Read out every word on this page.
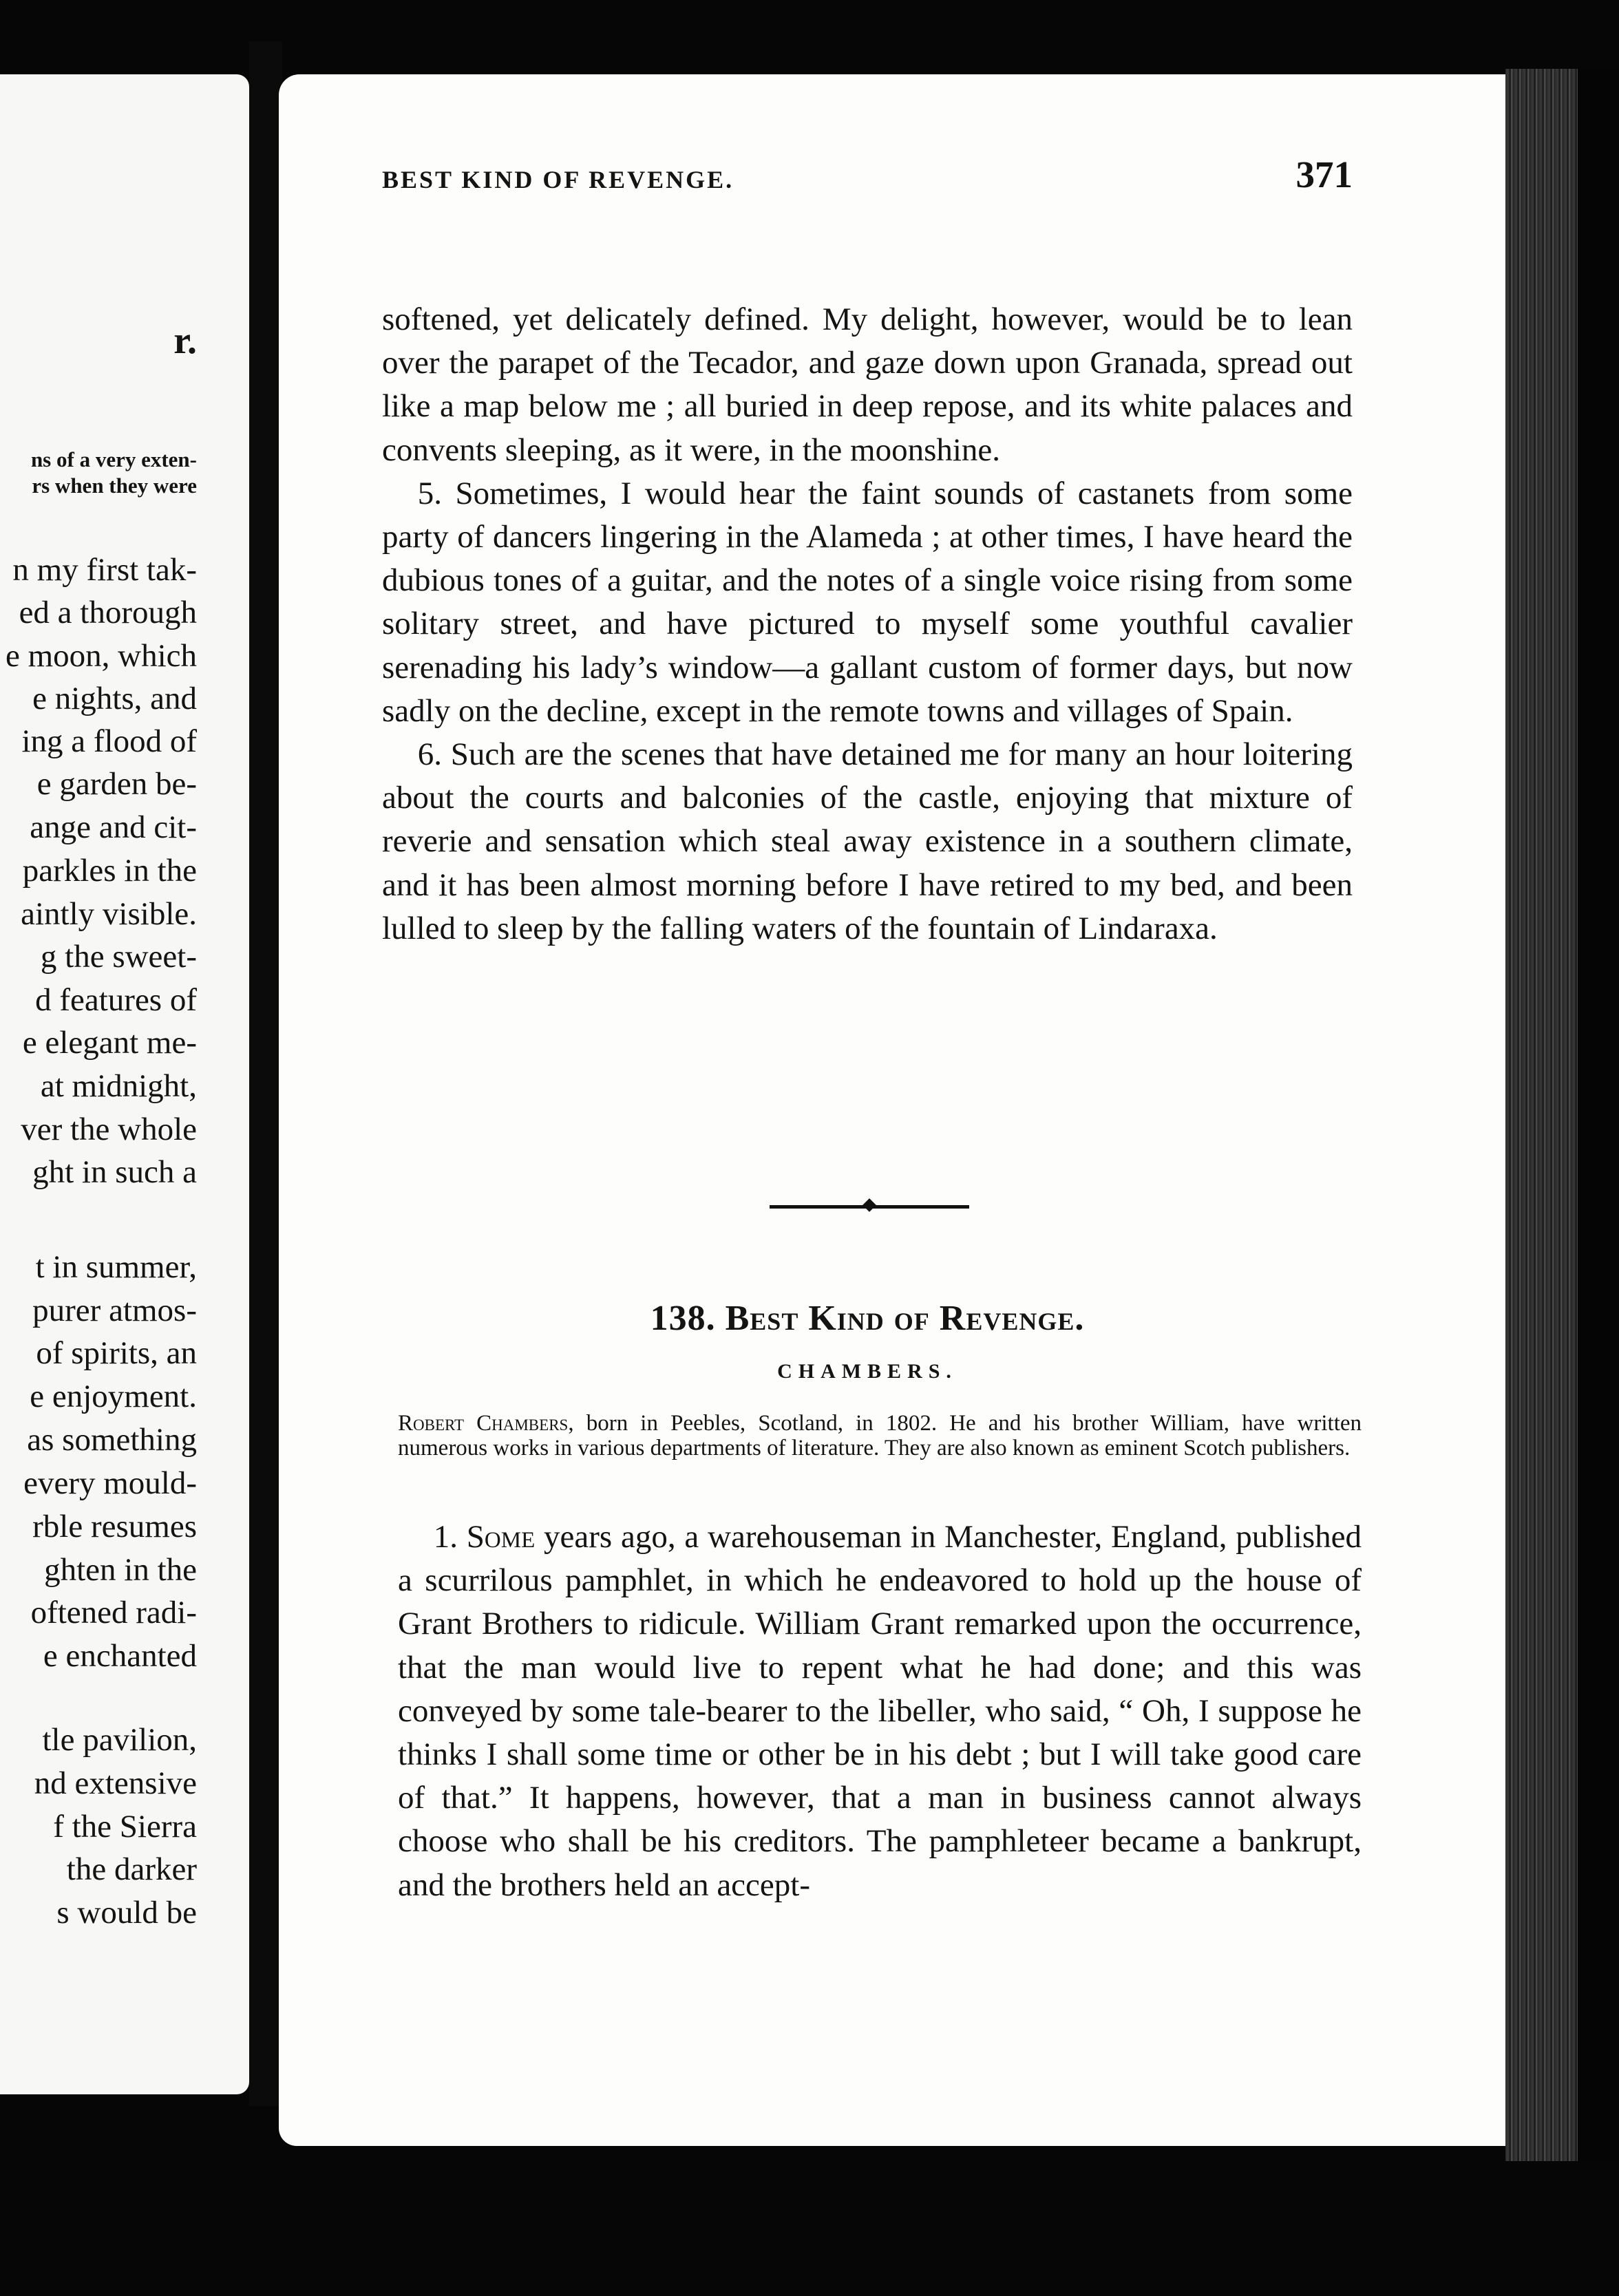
r.
ns of a very exten-
rs when they were
n my first tak-
ed a thorough
e moon, which
e nights, and
ing a flood of
e garden be-
ange and cit-
parkles in the
aintly visible.
g the sweet-
d features of
e elegant me-
at midnight,
ver the whole
ght in such a
t in summer,
purer atmos-
of spirits, an
e enjoyment.
as something
every mould-
rble resumes
ghten in the
oftened radi-
e enchanted
tle pavilion,
nd extensive
f the Sierra
the darker
s would be
BEST KIND OF REVENGE.	371

softened, yet delicately defined. My delight, however, would be to lean over the parapet of the Tecador, and gaze down upon Granada, spread out like a map below me ; all buried in deep repose, and its white palaces and convents sleeping, as it were, in the moonshine.

5. Sometimes, I would hear the faint sounds of castanets from some party of dancers lingering in the Alameda ; at other times, I have heard the dubious tones of a guitar, and the notes of a single voice rising from some solitary street, and have pictured to myself some youthful cavalier serenading his lady’s window—a gallant custom of former days, but now sadly on the decline, except in the remote towns and villages of Spain.

6. Such are the scenes that have detained me for many an hour loitering about the courts and balconies of the castle, enjoying that mixture of reverie and sensation which steal away existence in a southern climate, and it has been almost morning before I have retired to my bed, and been lulled to sleep by the falling waters of the fountain of Lindaraxa.

138. Best Kind of Revenge.
CHAMBERS.
Robert Chambers, born in Peebles, Scotland, in 1802. He and his brother William, have written numerous works in various departments of literature. They are also known as eminent Scotch publishers.

1. Some years ago, a warehouseman in Manchester, England, published a scurrilous pamphlet, in which he endeavored to hold up the house of Grant Brothers to ridicule. William Grant remarked upon the occurrence, that the man would live to repent what he had done; and this was conveyed by some tale-bearer to the libeller, who said, “ Oh, I suppose he thinks I shall some time or other be in his debt ; but I will take good care of that.” It happens, however, that a man in business cannot always choose who shall be his creditors. The pamphleteer became a bankrupt, and the brothers held an accept-
